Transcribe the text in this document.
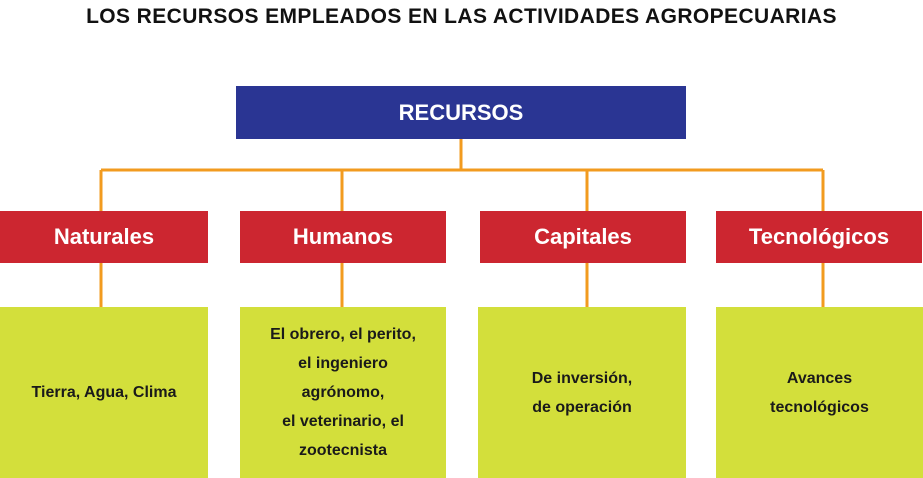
LOS RECURSOS EMPLEADOS EN LAS ACTIVIDADES AGROPECUARIAS
RECURSOS
Naturales	Humanos	Capitales	Tecnológicos
Tierra, Agua, Clima
El obrero, el perito,
el ingeniero
agrónomo,
el veterinario, el
zootecnista
De inversión,
de operación
Avances
tecnológicos
